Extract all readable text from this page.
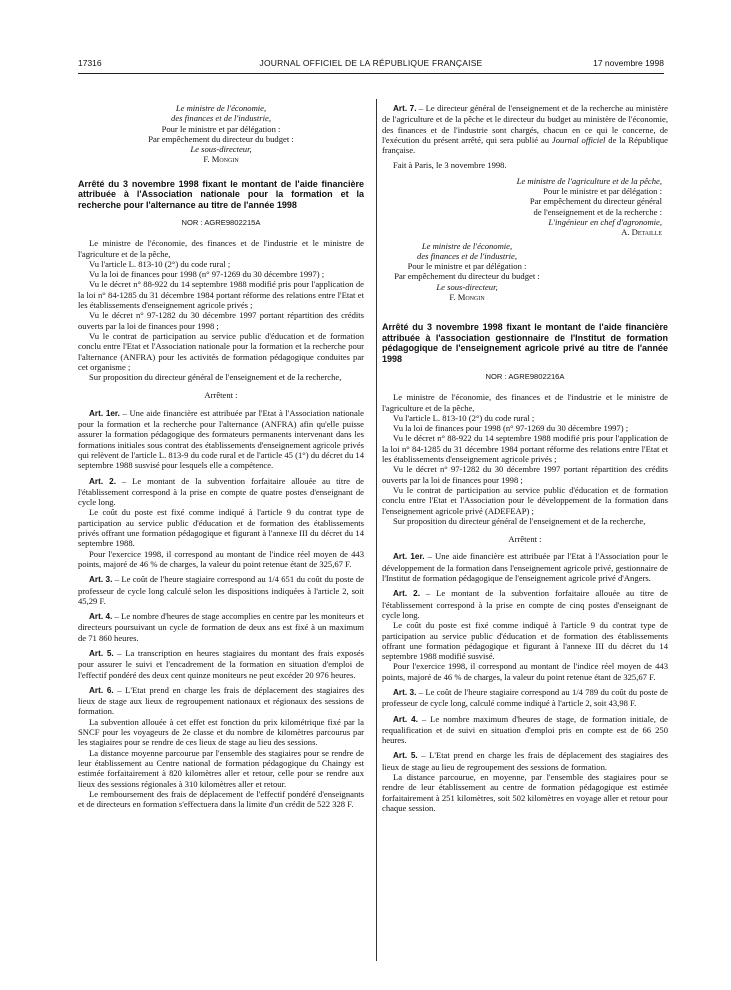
17316	JOURNAL OFFICIEL DE LA RÉPUBLIQUE FRANÇAISE	17 novembre 1998
Le ministre de l'économie,
des finances et de l'industrie,
Pour le ministre et par délégation :
Par empêchement du directeur du budget :
Le sous-directeur,
F. Mongin
Arrêté du 3 novembre 1998 fixant le montant de l'aide financière attribuée à l'Association nationale pour la formation et la recherche pour l'alternance au titre de l'année 1998
NOR : AGRE9802215A

Le ministre de l'économie, des finances et de l'industrie et le ministre de l'agriculture et de la pêche,

Vu l'article L. 813-10 (2°) du code rural ;

Vu la loi de finances pour 1998 (n° 97-1269 du 30 décembre 1997) ;

Vu le décret n° 88-922 du 14 septembre 1988 modifié pris pour l'application de la loi n° 84-1285 du 31 décembre 1984 portant réforme des relations entre l'Etat et les établissements d'enseignement agricole privés ;

Vu le décret n° 97-1282 du 30 décembre 1997 portant répartition des crédits ouverts par la loi de finances pour 1998 ;

Vu le contrat de participation au service public d'éducation et de formation conclu entre l'Etat et l'Association nationale pour la formation et la recherche pour l'alternance (ANFRA) pour les activités de formation pédagogique conduites par cet organisme ;

Sur proposition du directeur général de l'enseignement et de la recherche,

Arrêtent :

Art. 1er. – Une aide financière est attribuée par l'Etat à l'Association nationale pour la formation et la recherche pour l'alternance (ANFRA) afin qu'elle puisse assurer la formation pédagogique des formateurs permanents intervenant dans les formations initiales sous contrat des établissements d'enseignement agricole privés qui relèvent de l'article L. 813-9 du code rural et de l'article 45 (1°) du décret du 14 septembre 1988 susvisé pour lesquels elle a compétence.

Art. 2. – Le montant de la subvention forfaitaire allouée au titre de l'établissement correspond à la prise en compte de quatre postes d'enseignant de cycle long.

Le coût du poste est fixé comme indiqué à l'article 9 du contrat type de participation au service public d'éducation et de formation des établissements privés offrant une formation pédagogique et figurant à l'annexe III du décret du 14 septembre 1988.

Pour l'exercice 1998, il correspond au montant de l'indice réel moyen de 443 points, majoré de 46 % de charges, la valeur du point retenue étant de 325,67 F.

Art. 3. – Le coût de l'heure stagiaire correspond au 1/4 651 du coût du poste de professeur de cycle long calculé selon les dispositions indiquées à l'article 2, soit 45,29 F.

Art. 4. – Le nombre d'heures de stage accomplies en centre par les moniteurs et directeurs poursuivant un cycle de formation de deux ans est fixé à un maximum de 71 860 heures.

Art. 5. – La transcription en heures stagiaires du montant des frais exposés pour assurer le suivi et l'encadrement de la formation en situation d'emploi de l'effectif pondéré des deux cent quinze moniteurs ne peut excéder 20 976 heures.

Art. 6. – L'Etat prend en charge les frais de déplacement des stagiaires des lieux de stage aux lieux de regroupement nationaux et régionaux des sessions de formation.

La subvention allouée à cet effet est fonction du prix kilométrique fixé par la SNCF pour les voyageurs de 2e classe et du nombre de kilomètres parcourus par les stagiaires pour se rendre de ces lieux de stage au lieu des sessions.

La distance moyenne parcourue par l'ensemble des stagiaires pour se rendre de leur établissement au Centre national de formation pédagogique du Chaingy est estimée forfaitairement à 820 kilomètres aller et retour, celle pour se rendre aux lieux des sessions régionales à 310 kilomètres aller et retour.

Le remboursement des frais de déplacement de l'effectif pondéré d'enseignants et de directeurs en formation s'effectuera dans la limite d'un crédit de 522 328 F.

Art. 7. – Le directeur général de l'enseignement et de la recherche au ministère de l'agriculture et de la pêche et le directeur du budget au ministère de l'économie, des finances et de l'industrie sont chargés, chacun en ce qui le concerne, de l'exécution du présent arrêté, qui sera publié au Journal officiel de la République française.

Fait à Paris, le 3 novembre 1998.

Le ministre de l'agriculture et de la pêche,
Pour le ministre et par délégation :
Par empêchement du directeur général
de l'enseignement et de la recherche :
L'ingénieur en chef d'agronomie,
A. Detaille
Le ministre de l'économie,
des finances et de l'industrie,
Pour le ministre et par délégation :
Par empêchement du directeur du budget :
Le sous-directeur,
F. Mongin
Arrêté du 3 novembre 1998 fixant le montant de l'aide financière attribuée à l'association gestionnaire de l'Institut de formation pédagogique de l'enseignement agricole privé au titre de l'année 1998
NOR : AGRE9802216A

Le ministre de l'économie, des finances et de l'industrie et le ministre de l'agriculture et de la pêche,

Vu l'article L. 813-10 (2°) du code rural ;

Vu la loi de finances pour 1998 (n° 97-1269 du 30 décembre 1997) ;

Vu le décret n° 88-922 du 14 septembre 1988 modifié pris pour l'application de la loi n° 84-1285 du 31 décembre 1984 portant réforme des relations entre l'Etat et les établissements d'enseignement agricole privés ;

Vu le décret n° 97-1282 du 30 décembre 1997 portant répartition des crédits ouverts par la loi de finances pour 1998 ;

Vu le contrat de participation au service public d'éducation et de formation conclu entre l'Etat et l'Association pour le développement de la formation dans l'enseignement agricole privé (ADEFEAP) ;

Sur proposition du directeur général de l'enseignement et de la recherche,

Arrêtent :

Art. 1er. – Une aide financière est attribuée par l'Etat à l'Association pour le développement de la formation dans l'enseignement agricole privé, gestionnaire de l'Institut de formation pédagogique de l'enseignement agricole privé d'Angers.

Art. 2. – Le montant de la subvention forfaitaire allouée au titre de l'établissement correspond à la prise en compte de cinq postes d'enseignant de cycle long.

Le coût du poste est fixé comme indiqué à l'article 9 du contrat type de participation au service public d'éducation et de formation des établissements offrant une formation pédagogique et figurant à l'annexe III du décret du 14 septembre 1988 modifié susvisé.

Pour l'exercice 1998, il correspond au montant de l'indice réel moyen de 443 points, majoré de 46 % de charges, la valeur du point retenue étant de 325,67 F.

Art. 3. – Le coût de l'heure stagiaire correspond au 1/4 789 du coût du poste de professeur de cycle long, calculé comme indiqué à l'article 2, soit 43,98 F.

Art. 4. – Le nombre maximum d'heures de stage, de formation initiale, de requalification et de suivi en situation d'emploi pris en compte est de 66 250 heures.

Art. 5. – L'Etat prend en charge les frais de déplacement des stagiaires des lieux de stage au lieu de regroupement des sessions de formation.

La distance parcourue, en moyenne, par l'ensemble des stagiaires pour se rendre de leur établissement au centre de formation pédagogique est estimée forfaitairement à 251 kilomètres, soit 502 kilomètres en voyage aller et retour pour chaque session.
